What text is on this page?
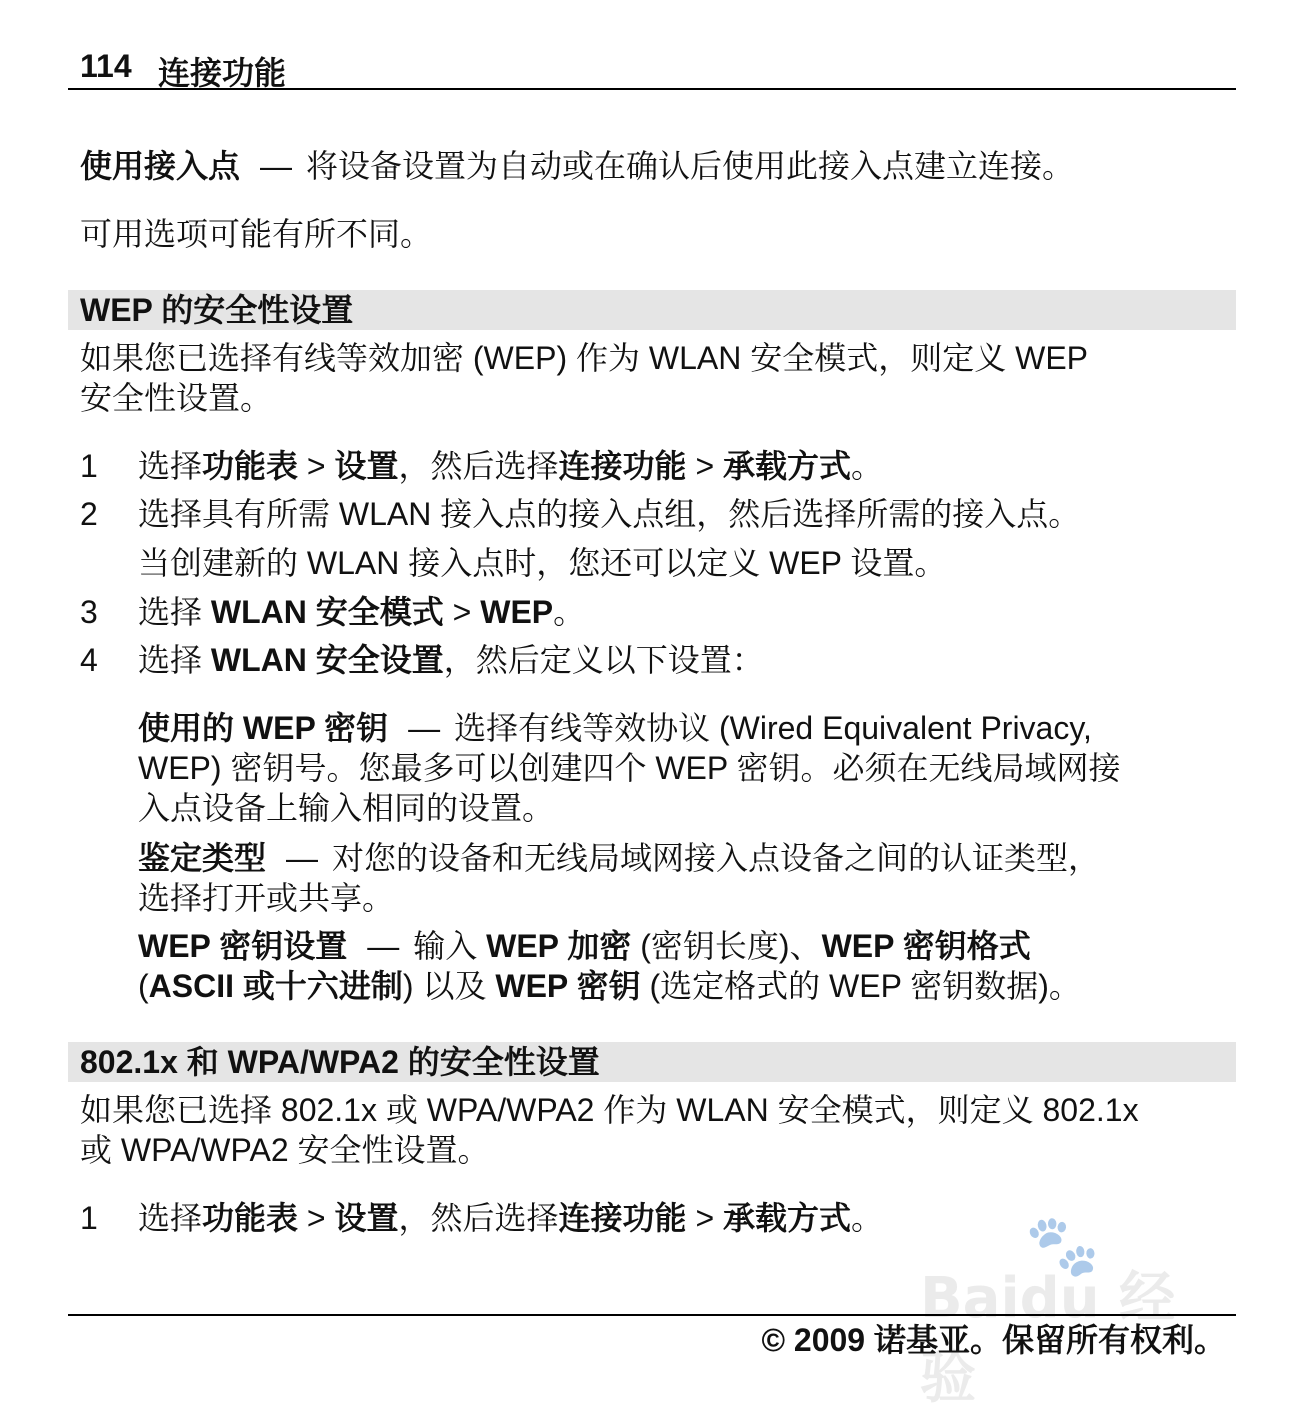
114 连接功能
使用接入点 — 将设备设置为自动或在确认后使用此接入点建立连接。
可用选项可能有所不同。
WEP 的安全性设置
如果您已选择有线等效加密 (WEP) 作为 WLAN 安全模式，则定义 WEP
安全性设置。
1 选择功能表 > 设置，然后选择连接功能 > 承载方式。
2 选择具有所需 WLAN 接入点的接入点组，然后选择所需的接入点。
当创建新的 WLAN 接入点时，您还可以定义 WEP 设置。
3 选择 WLAN 安全模式 > WEP。
4 选择 WLAN 安全设置，然后定义以下设置：
使用的 WEP 密钥 — 选择有线等效协议 (Wired Equivalent Privacy,
WEP) 密钥号。您最多可以创建四个 WEP 密钥。必须在无线局域网接
入点设备上输入相同的设置。
鉴定类型 — 对您的设备和无线局域网接入点设备之间的认证类型，
选择打开或共享。
WEP 密钥设置 — 输入 WEP 加密 (密钥长度)、WEP 密钥格式
(ASCII 或十六进制) 以及 WEP 密钥 (选定格式的 WEP 密钥数据)。
802.1x 和 WPA/WPA2 的安全性设置
如果您已选择 802.1x 或 WPA/WPA2 作为 WLAN 安全模式，则定义 802.1x
或 WPA/WPA2 安全性设置。
1 选择功能表 > 设置，然后选择连接功能 > 承载方式。 🐾
Baidu 经验
© 2009 诺基亚。保留所有权利。
